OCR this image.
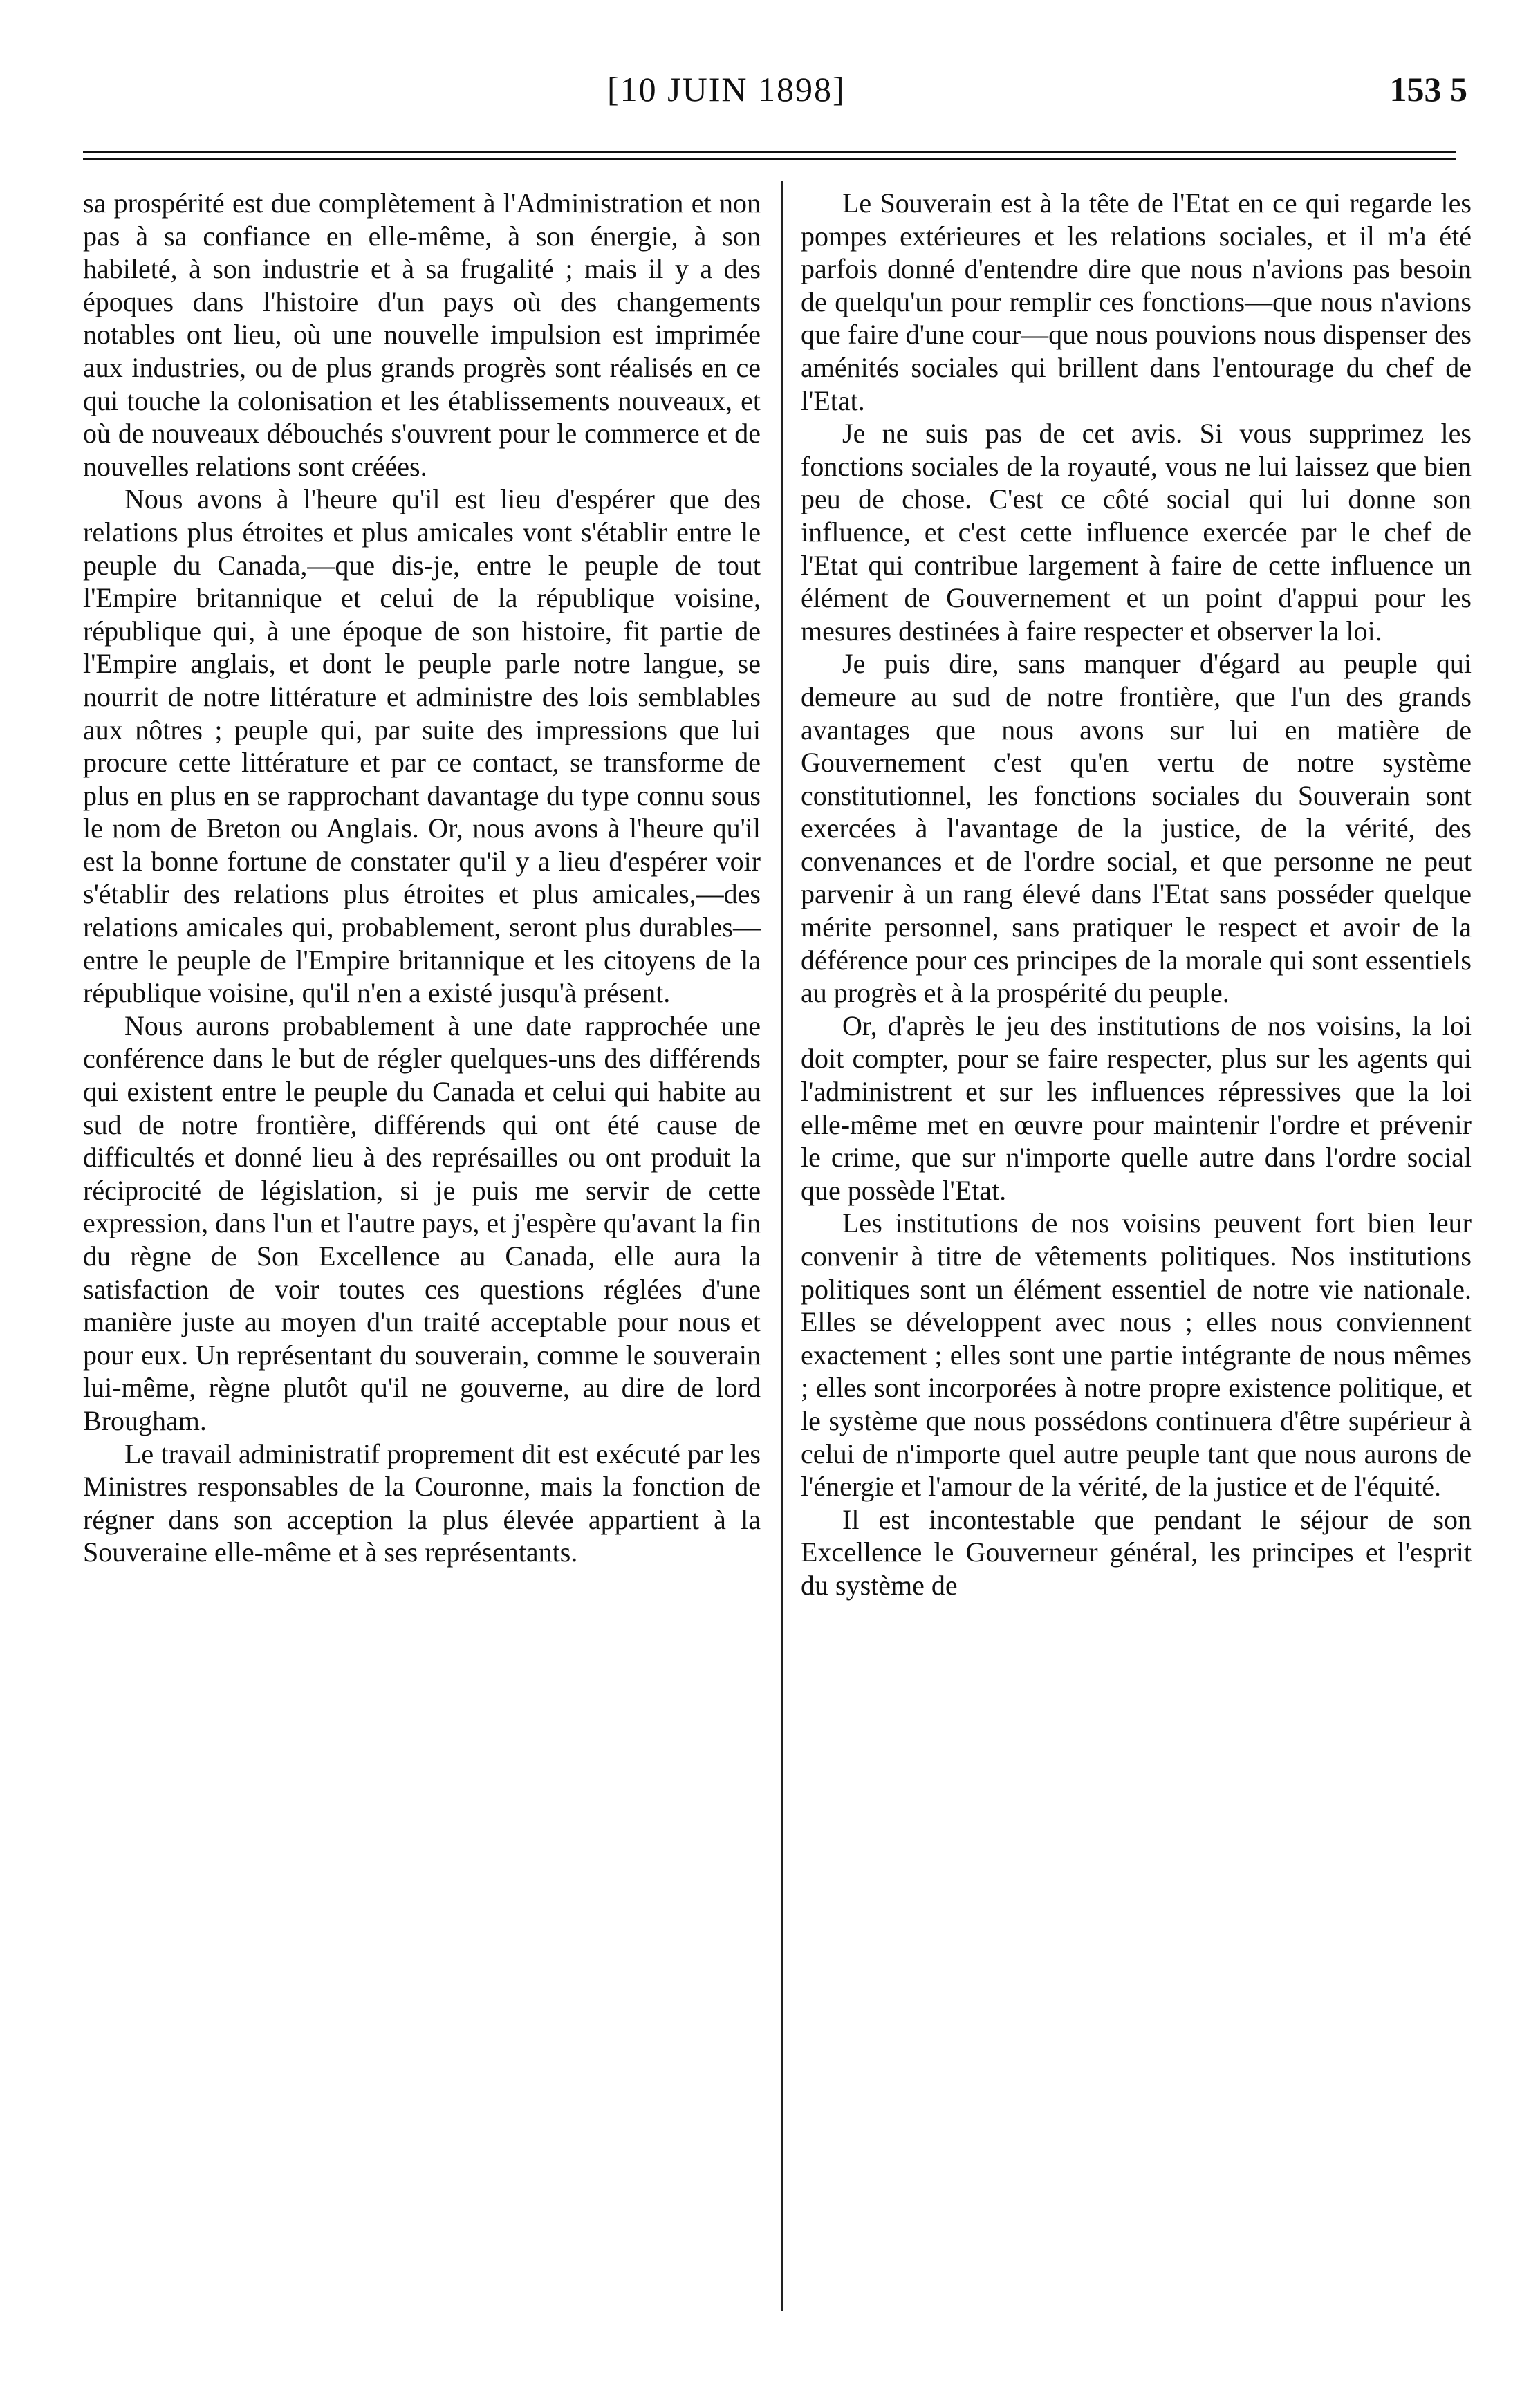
[10 JUIN 1898]	153 5

sa prospérité est due complètement à l'Administration et non pas à sa confiance en elle-même, à son énergie, à son habileté, à son industrie et à sa frugalité ; mais il y a des époques dans l'histoire d'un pays où des changements notables ont lieu, où une nouvelle impulsion est imprimée aux industries, ou de plus grands progrès sont réalisés en ce qui touche la colonisation et les établissements nouveaux, et où de nouveaux débouchés s'ouvrent pour le commerce et de nouvelles relations sont créées.

Nous avons à l'heure qu'il est lieu d'espérer que des relations plus étroites et plus amicales vont s'établir entre le peuple du Canada,—que dis-je, entre le peuple de tout l'Empire britannique et celui de la république voisine, république qui, à une époque de son histoire, fit partie de l'Empire anglais, et dont le peuple parle notre langue, se nourrit de notre littérature et administre des lois semblables aux nôtres ; peuple qui, par suite des impressions que lui procure cette littérature et par ce contact, se transforme de plus en plus en se rapprochant davantage du type connu sous le nom de Breton ou Anglais. Or, nous avons à l'heure qu'il est la bonne fortune de constater qu'il y a lieu d'espérer voir s'établir des relations plus étroites et plus amicales,—des relations amicales qui, probablement, seront plus durables—entre le peuple de l'Empire britannique et les citoyens de la république voisine, qu'il n'en a existé jusqu'à présent.

Nous aurons probablement à une date rapprochée une conférence dans le but de régler quelques-uns des différends qui existent entre le peuple du Canada et celui qui habite au sud de notre frontière, différends qui ont été cause de difficultés et donné lieu à des représailles ou ont produit la réciprocité de législation, si je puis me servir de cette expression, dans l'un et l'autre pays, et j'espère qu'avant la fin du règne de Son Excellence au Canada, elle aura la satisfaction de voir toutes ces questions réglées d'une manière juste au moyen d'un traité acceptable pour nous et pour eux. Un représentant du souverain, comme le souverain lui-même, règne plutôt qu'il ne gouverne, au dire de lord Brougham.

Le travail administratif proprement dit est exécuté par les Ministres responsables de la Couronne, mais la fonction de régner dans son acception la plus élevée appartient à la Souveraine elle-même et à ses représentants.

Le Souverain est à la tête de l'Etat en ce qui regarde les pompes extérieures et les relations sociales, et il m'a été parfois donné d'entendre dire que nous n'avions pas besoin de quelqu'un pour remplir ces fonctions—que nous n'avions que faire d'une cour—que nous pouvions nous dispenser des aménités sociales qui brillent dans l'entourage du chef de l'Etat.

Je ne suis pas de cet avis. Si vous supprimez les fonctions sociales de la royauté, vous ne lui laissez que bien peu de chose. C'est ce côté social qui lui donne son influence, et c'est cette influence exercée par le chef de l'Etat qui contribue largement à faire de cette influence un élément de Gouvernement et un point d'appui pour les mesures destinées à faire respecter et observer la loi.

Je puis dire, sans manquer d'égard au peuple qui demeure au sud de notre frontière, que l'un des grands avantages que nous avons sur lui en matière de Gouvernement c'est qu'en vertu de notre système constitutionnel, les fonctions sociales du Souverain sont exercées à l'avantage de la justice, de la vérité, des convenances et de l'ordre social, et que personne ne peut parvenir à un rang élevé dans l'Etat sans posséder quelque mérite personnel, sans pratiquer le respect et avoir de la déférence pour ces principes de la morale qui sont essentiels au progrès et à la prospérité du peuple.

Or, d'après le jeu des institutions de nos voisins, la loi doit compter, pour se faire respecter, plus sur les agents qui l'administrent et sur les influences répressives que la loi elle-même met en œuvre pour maintenir l'ordre et prévenir le crime, que sur n'importe quelle autre dans l'ordre social que possède l'Etat.

Les institutions de nos voisins peuvent fort bien leur convenir à titre de vêtements politiques. Nos institutions politiques sont un élément essentiel de notre vie nationale. Elles se développent avec nous ; elles nous conviennent exactement ; elles sont une partie intégrante de nous mêmes ; elles sont incorporées à notre propre existence politique, et le système que nous possédons continuera d'être supérieur à celui de n'importe quel autre peuple tant que nous aurons de l'énergie et l'amour de la vérité, de la justice et de l'équité.

Il est incontestable que pendant le séjour de son Excellence le Gouverneur général, les principes et l'esprit du système de
